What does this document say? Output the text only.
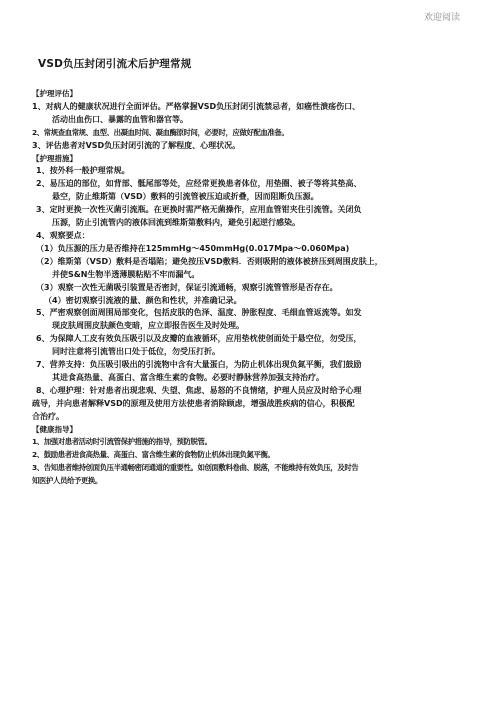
欢迎阅读
VSD负压封闭引流术后护理常规
【护理评估】
1、对病人的健康状况进行全面评估。严格掌握VSD负压封闭引流禁忌者，如癌性溃疡伤口、
活动出血伤口、暴露的血管和器官等。
2、常规查血常规、血型、出凝血时间、凝血酶原时间，必要时，应做好配血准备。
3、评估患者对VSD负压封闭引流的了解程度、心理状况。
【护理措施】
1、按外科一般护理常规。
2、易压迫的部位，如背部、骶尾部等处，应经常更换患者体位，用垫圈、被子等将其垫高、
悬空，防止维斯第（VSD）敷料的引流管被压迫或折叠，因而阻断负压源。
3、定时更换一次性灭菌引流瓶。在更换时需严格无菌操作，应用血管钳夹住引流管。关闭负
压源，防止引流管内的液体回流到维斯第敷料内，避免引起逆行感染。
4、观察要点：
（1）负压源的压力是否维持在125mmHg～450mmHg(0.017Mpa～0.060Mpa)
（2）维斯第（VSD）敷料是否塌陷；避免按压VSD敷料．否则吸附的液体被挤压到周围皮肤上，
并使S&N生物半透薄膜粘贴不牢而漏气。
（3）观察一次性无菌吸引装置是否密封，保证引流通畅，观察引流管管形是否存在。
（4）密切观察引流液的量、颜色和性状，并准确记录。
5、严密观察创面周围局部变化，包括皮肤的色泽、温度、肿胀程度、毛细血管返流等。如发
现皮肤周围皮肤颜色变暗，应立即报告医生及时处理。
6、为保障人工皮有效负压吸引以及皮瓣的血液循环，应用垫枕使创面处于悬空位，勿受压，
同时注意将引流管出口处于低位，勿受压打折。
7、营养支持：负压吸引吸出的引流物中含有大量蛋白，为防止机体出现负氮平衡，我们鼓励
其进食高热量、高蛋白、富含维生素的食物。必要时静脉营养加强支持治疗。
8、心理护理：针对患者出现悲观、失望、焦虑、易怒的不良情绪，护理人员应及时给予心理
疏导，并向患者解释VSD的原理及使用方法使患者消除顾虑，增强战胜疾病的信心，积极配
合治疗。
【健康指导】
1、加强对患者活动时引流管保护措施的指导，预防脱管。
2、鼓励患者进食高热量、高蛋白、富含维生素的食物防止机体出现负氮平衡。
3、告知患者维持创面负压半通畅密闭通道的重要性。如创面敷料卷曲、脱落，不能维持有效负压，及时告
知医护人员给予更换。
